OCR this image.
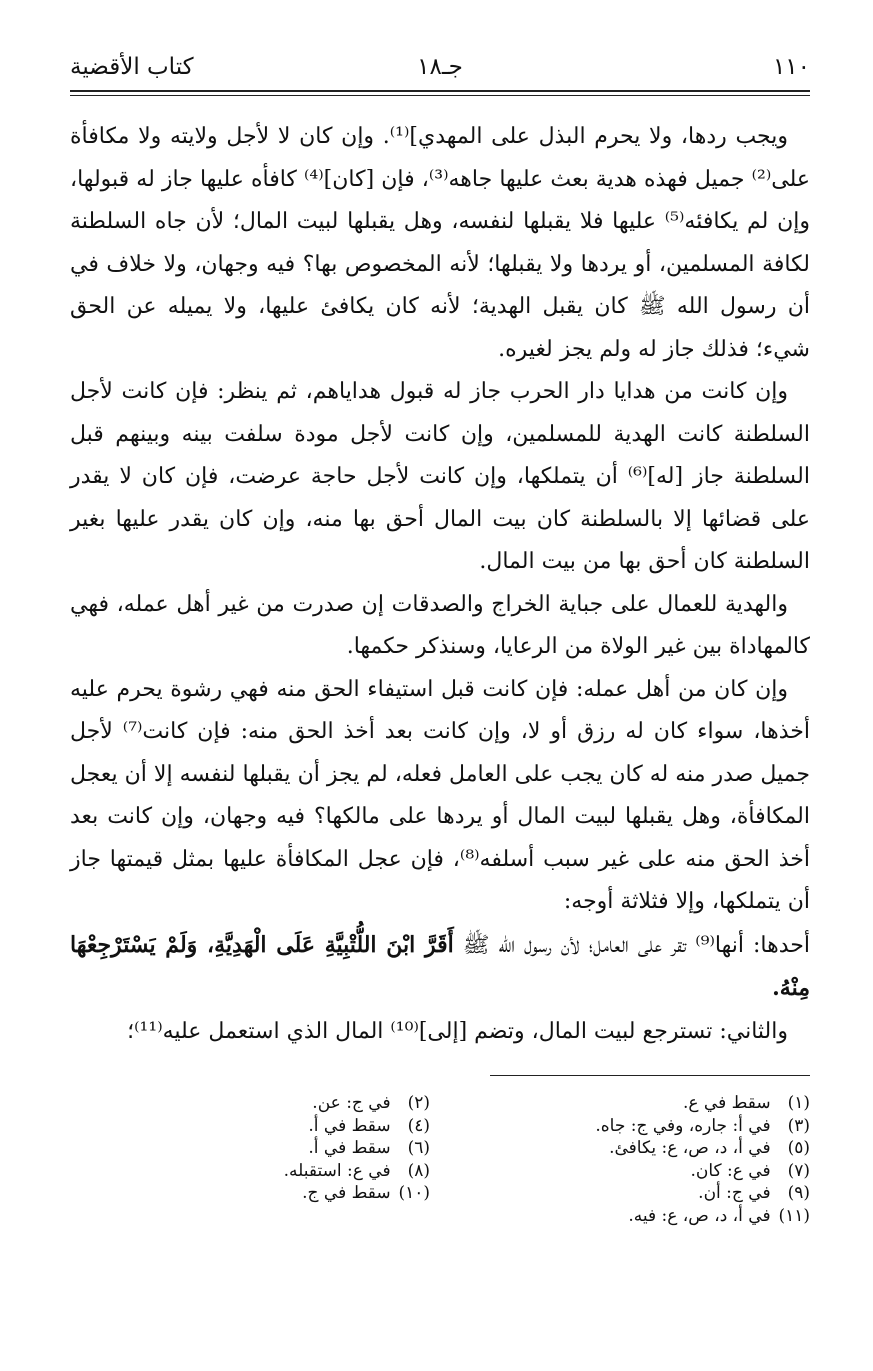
١١٠
جـ١٨
كتاب الأقضية

ويجب ردها، ولا يحرم البذل على المهدي]⁽¹⁾. وإن كان لا لأجل ولايته ولا مكافأة على⁽²⁾ جميل فهذه هدية بعث عليها جاهه⁽³⁾، فإن [كان]⁽⁴⁾ كافأه عليها جاز له قبولها، وإن لم يكافئه⁽⁵⁾ عليها فلا يقبلها لنفسه، وهل يقبلها لبيت المال؛ لأن جاه السلطنة لكافة المسلمين، أو يردها ولا يقبلها؛ لأنه المخصوص بها؟ فيه وجهان، ولا خلاف في أن رسول الله ﷺ كان يقبل الهدية؛ لأنه كان يكافئ عليها، ولا يميله عن الحق شيء؛ فذلك جاز له ولم يجز لغيره.

وإن كانت من هدايا دار الحرب جاز له قبول هداياهم، ثم ينظر: فإن كانت لأجل السلطنة كانت الهدية للمسلمين، وإن كانت لأجل مودة سلفت بينه وبينهم قبل السلطنة جاز [له]⁽⁶⁾ أن يتملكها، وإن كانت لأجل حاجة عرضت، فإن كان لا يقدر على قضائها إلا بالسلطنة كان بيت المال أحق بها منه، وإن كان يقدر عليها بغير السلطنة كان أحق بها من بيت المال.

والهدية للعمال على جباية الخراج والصدقات إن صدرت من غير أهل عمله، فهي كالمهاداة بين غير الولاة من الرعايا، وسنذكر حكمها.

وإن كان من أهل عمله: فإن كانت قبل استيفاء الحق منه فهي رشوة يحرم عليه أخذها، سواء كان له رزق أو لا، وإن كانت بعد أخذ الحق منه: فإن كانت⁽⁷⁾ لأجل جميل صدر منه له كان يجب على العامل فعله، لم يجز أن يقبلها لنفسه إلا أن يعجل المكافأة، وهل يقبلها لبيت المال أو يردها على مالكها؟ فيه وجهان، وإن كانت بعد أخذ الحق منه على غير سبب أسلفه⁽⁸⁾، فإن عجل المكافأة عليها بمثل قيمتها جاز أن يتملكها، وإلا فثلاثة أوجه:

أحدها: أنها⁽⁹⁾ تقر على العامل؛ لأن رسول الله ﷺ أَقَرَّ ابْنَ اللُّتْبِيَّةِ عَلَى الْهَدِيَّةِ، وَلَمْ يَسْتَرْجِعْهَا مِنْهُ.

والثاني: تسترجع لبيت المال، وتضم [إلى]⁽¹⁰⁾ المال الذي استعمل عليه⁽¹¹⁾؛

(١) سقط في ع.
(٣) في أ: جاره، وفي ج: جاه.
(٥) في أ، د، ص، ع: يكافئ.
(٧) في ع: كان.
(٩) في ج: أن.
(١١) في أ، د، ص، ع: فيه.
(٢) في ج: عن.
(٤) سقط في أ.
(٦) سقط في أ.
(٨) في ع: استقبله.
(١٠) سقط في ج.
